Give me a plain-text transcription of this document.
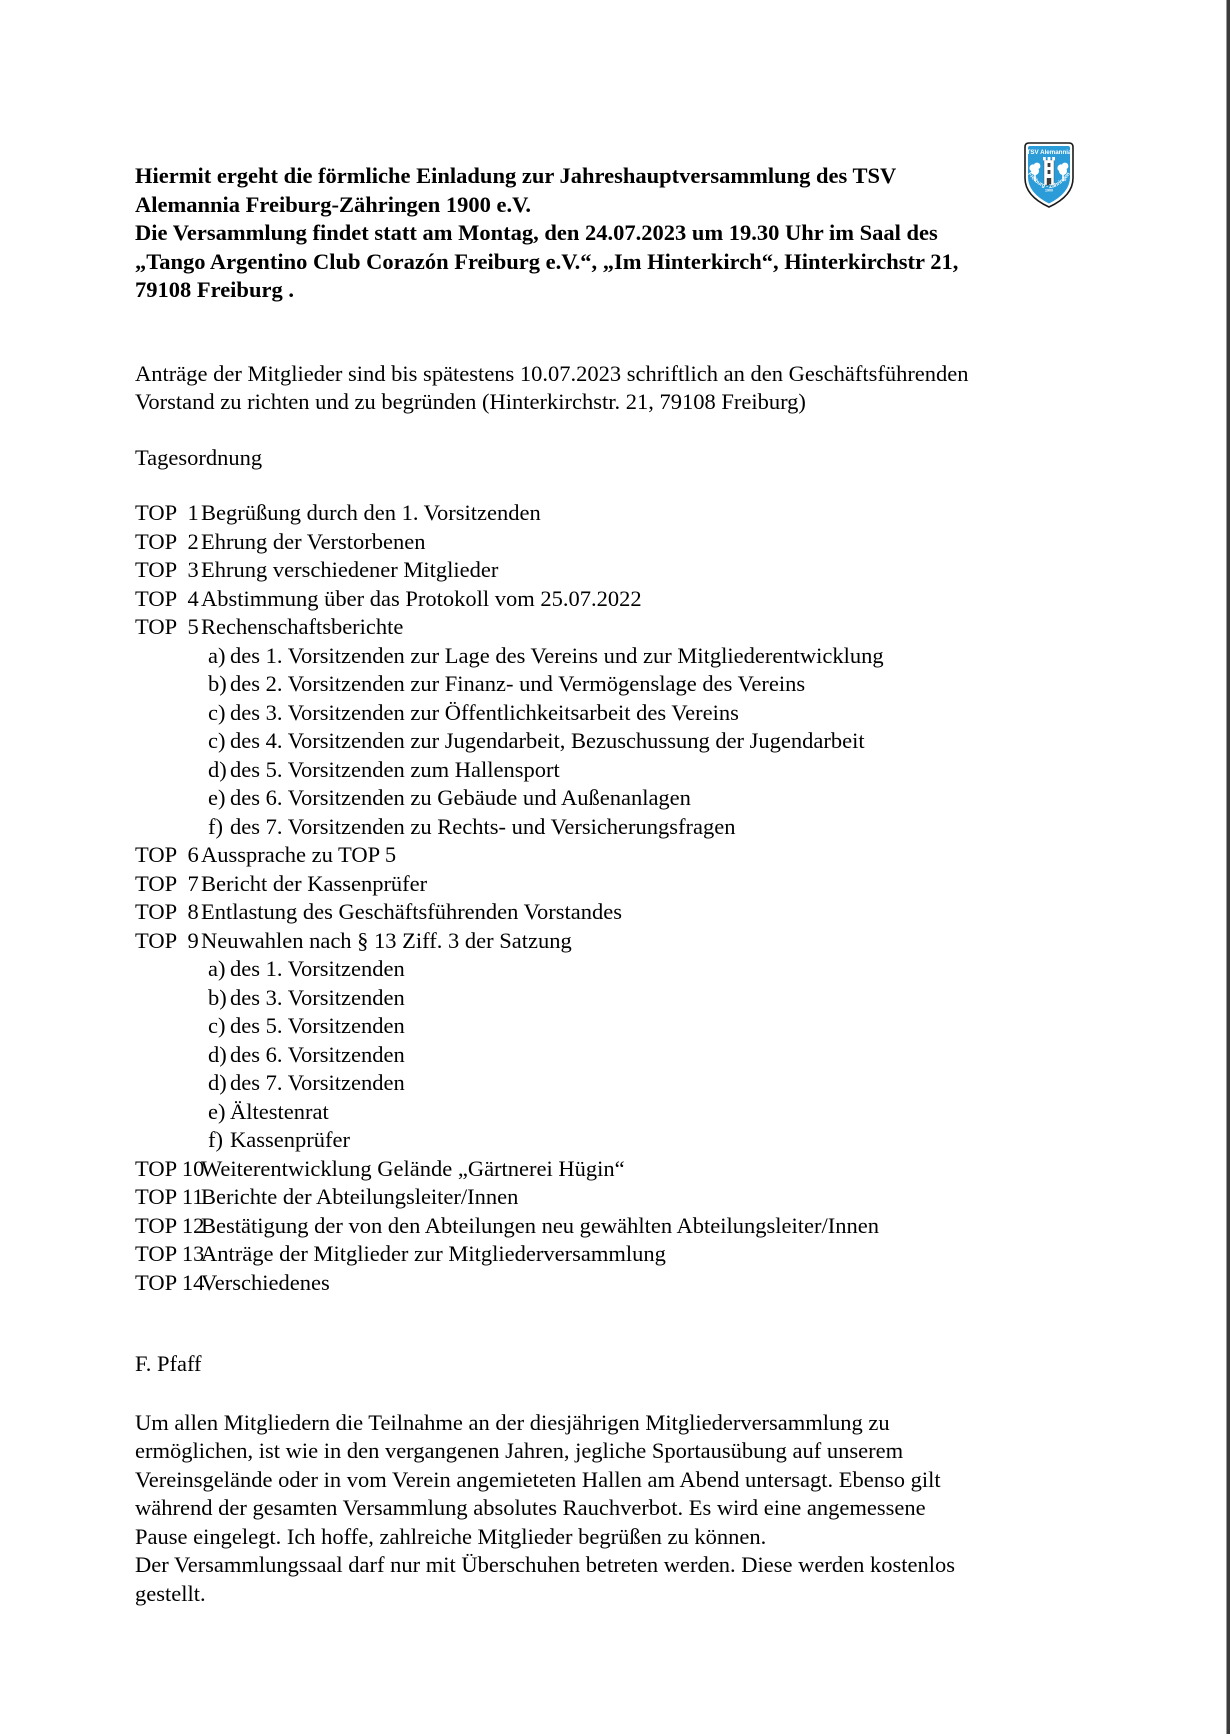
TSV Alemannia
1900
Freiburg - Zähringen
Hiermit ergeht die förmliche Einladung zur Jahreshauptversammlung des TSV
Alemannia Freiburg-Zähringen 1900 e.V.
Die Versammlung findet statt am Montag, den 24.07.2023 um 19.30 Uhr im Saal des
„Tango Argentino Club Corazón Freiburg e.V.“, „Im Hinterkirch“, Hinterkirchstr 21,
79108 Freiburg .
Anträge der Mitglieder sind bis spätestens 10.07.2023 schriftlich an den Geschäftsführenden
Vorstand zu richten und zu begründen (Hinterkirchstr. 21, 79108 Freiburg)
Tagesordnung
TOP  1 Begrüßung durch den 1. Vorsitzenden
TOP  2 Ehrung der Verstorbenen
TOP  3 Ehrung verschiedener Mitglieder
TOP  4 Abstimmung über das Protokoll vom 25.07.2022
TOP  5 Rechenschaftsberichte
a) des 1. Vorsitzenden zur Lage des Vereins und zur Mitgliederentwicklung
b) des 2. Vorsitzenden zur Finanz- und Vermögenslage des Vereins
c) des 3. Vorsitzenden zur Öffentlichkeitsarbeit des Vereins
c) des 4. Vorsitzenden zur Jugendarbeit, Bezuschussung der Jugendarbeit
d) des 5. Vorsitzenden zum Hallensport
e) des 6. Vorsitzenden zu Gebäude und Außenanlagen
f) des 7. Vorsitzenden zu Rechts- und Versicherungsfragen
TOP  6 Aussprache zu TOP 5
TOP  7 Bericht der Kassenprüfer
TOP  8 Entlastung des Geschäftsführenden Vorstandes
TOP  9 Neuwahlen nach § 13 Ziff. 3 der Satzung
a) des 1. Vorsitzenden
b) des 3. Vorsitzenden
c) des 5. Vorsitzenden
d) des 6. Vorsitzenden
d) des 7. Vorsitzenden
e) Ältestenrat
f) Kassenprüfer
TOP 10
Weiterentwicklung Gelände „Gärtnerei Hügin“
TOP 11
Berichte der Abteilungsleiter/Innen
TOP 12
Bestätigung der von den Abteilungen neu gewählten Abteilungsleiter/Innen
TOP 13
Anträge der Mitglieder zur Mitgliederversammlung
TOP 14
Verschiedenes
F. Pfaff
Um allen Mitgliedern die Teilnahme an der diesjährigen Mitgliederversammlung zu
ermöglichen, ist wie in den vergangenen Jahren, jegliche Sportausübung auf unserem
Vereinsgelände oder in vom Verein angemieteten Hallen am Abend untersagt. Ebenso gilt
während der gesamten Versammlung absolutes Rauchverbot. Es wird eine angemessene
Pause eingelegt. Ich hoffe, zahlreiche Mitglieder begrüßen zu können.
Der Versammlungssaal darf nur mit Überschuhen betreten werden. Diese werden kostenlos
gestellt.
